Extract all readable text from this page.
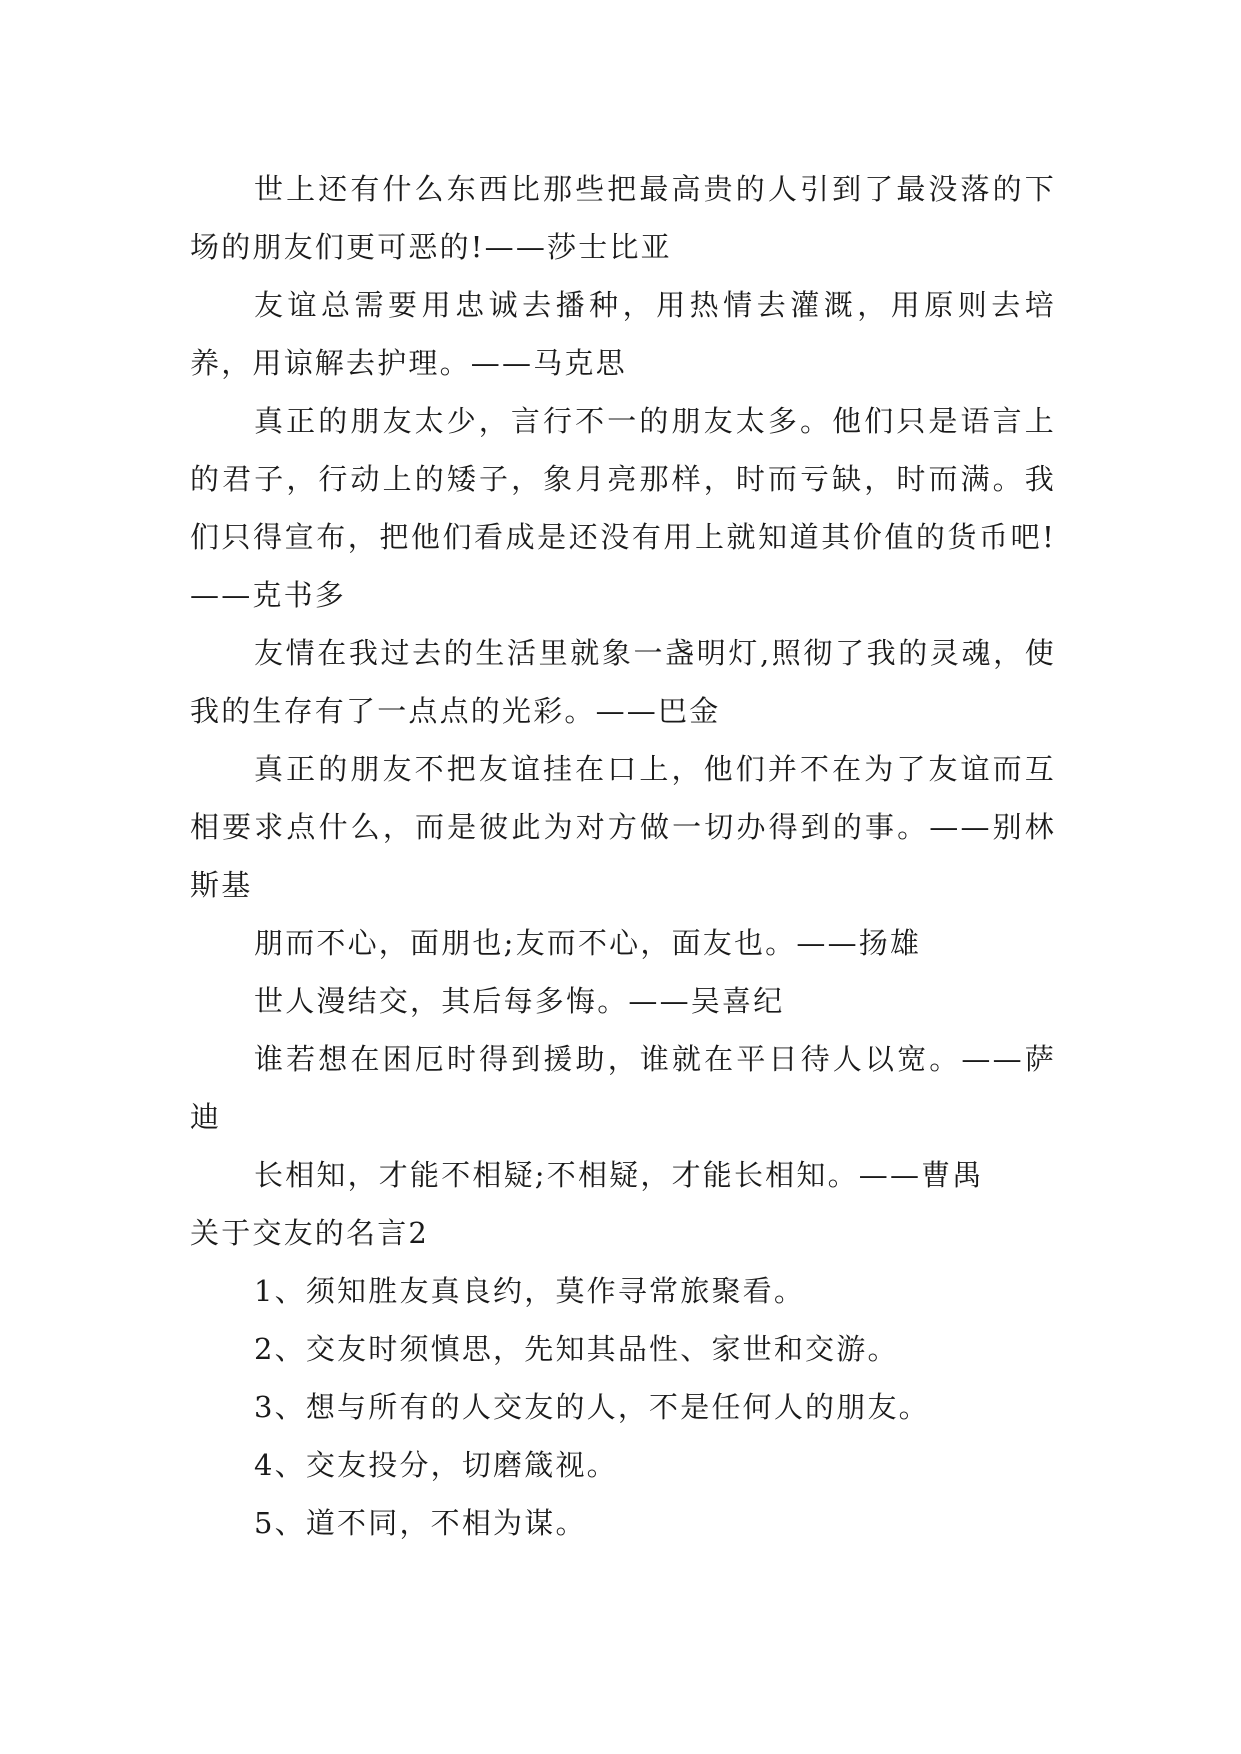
世上还有什么东西比那些把最高贵的人引到了最没落的下场的朋友们更可恶的!——莎士比亚

友谊总需要用忠诚去播种，用热情去灌溉，用原则去培养，用谅解去护理。——马克思

真正的朋友太少，言行不一的朋友太多。他们只是语言上的君子，行动上的矮子，象月亮那样，时而亏缺，时而满。我们只得宣布，把他们看成是还没有用上就知道其价值的货币吧!——克书多

友情在我过去的生活里就象一盏明灯,照彻了我的灵魂，使我的生存有了一点点的光彩。——巴金

真正的朋友不把友谊挂在口上，他们并不在为了友谊而互相要求点什么，而是彼此为对方做一切办得到的事。——别林斯基

朋而不心，面朋也;友而不心，面友也。——扬雄

世人漫结交，其后每多悔。——吴喜纪

谁若想在困厄时得到援助，谁就在平日待人以宽。——萨迪

长相知，才能不相疑;不相疑，才能长相知。——曹禺

关于交友的名言2

1、须知胜友真良约，莫作寻常旅聚看。

2、交友时须慎思，先知其品性、家世和交游。

3、想与所有的人交友的人，不是任何人的朋友。

4、交友投分，切磨箴视。

5、道不同，不相为谋。
